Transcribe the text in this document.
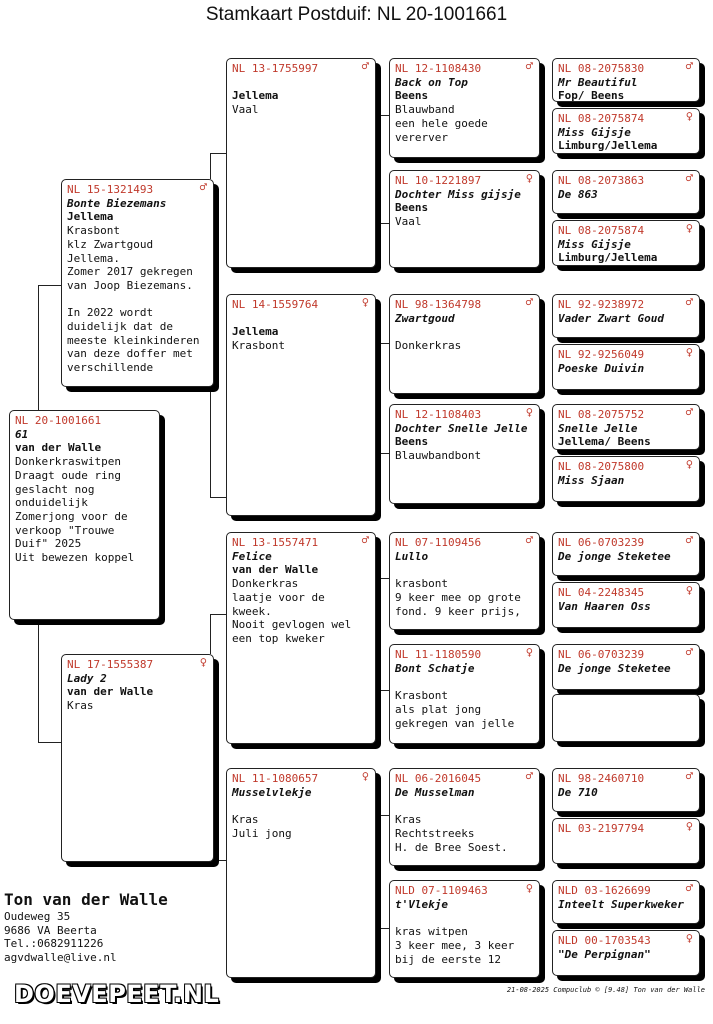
Stamkaart Postduif: NL 20-1001661
NL 20-1001661
61
van der Walle
Donkerkraswitpen
Draagt oude ring
geslacht nog
onduidelijk
Zomerjong voor de
verkoop "Trouwe
Duif" 2025
Uit bewezen koppel
NL 15-1321493	♂
Bonte Biezemans
Jellema
Krasbont
klz Zwartgoud
Jellema.
Zomer 2017 gekregen
van Joop Biezemans.
In 2022 wordt
duidelijk dat de
meeste kleinkinderen
van deze doffer met
verschillende
NL 17-1555387	♀
Lady 2
van der Walle
Kras
NL 13-1755997	♂
Jellema
Vaal
NL 14-1559764	♀
Jellema
Krasbont
NL 13-1557471	♂
Felice
van der Walle
Donkerkras
laatje voor de
kweek.
Nooit gevlogen wel
een top kweker
NL 11-1080657	♀
Musselvlekje
Kras
Juli jong
NL 12-1108430	♂
Back on Top
Beens
Blauwband
een hele goede
vererver
NL 10-1221897	♀
Dochter Miss gijsje
Beens
Vaal
NL 98-1364798	♂
Zwartgoud
Donkerkras
NL 12-1108403	♀
Dochter Snelle Jelle
Beens
Blauwbandbont
NL 07-1109456	♂
Lullo
krasbont
9 keer mee op grote
fond. 9 keer prijs,
NL 11-1180590	♀
Bont Schatje
Krasbont
als plat jong
gekregen van jelle
NL 06-2016045	♂
De Musselman
Kras
Rechtstreeks
H. de Bree Soest.
NLD 07-1109463	♀
t'Vlekje
kras witpen
3 keer mee, 3 keer
bij de eerste 12
NL 08-2075830	♂
Mr Beautiful
Fop/ Beens
NL 08-2075874	♀
Miss Gijsje
Limburg/Jellema
NL 08-2073863	♂
De 863
NL 08-2075874	♀
Miss Gijsje
Limburg/Jellema
NL 92-9238972	♂
Vader Zwart Goud
NL 92-9256049	♀
Poeske Duivin
NL 08-2075752	♂
Snelle Jelle
Jellema/ Beens
NL 08-2075800	♀
Miss Sjaan
NL 06-0703239	♂
De jonge Steketee
NL 04-2248345	♀
Van Haaren Oss
NL 06-0703239	♂
De jonge Steketee
NL 98-2460710	♂
De 710
NL 03-2197794	♀
NLD 03-1626699	♂
Inteelt Superkweker
NLD 00-1703543	♀
"De Perpignan"
Ton van der Walle
Oudeweg 35
9686 VA Beerta
Tel.:0682911226
agvdwalle@live.nl
DOEVEPEET.NL	21-08-2025 Compuclub © [9.48] Ton van der Walle
